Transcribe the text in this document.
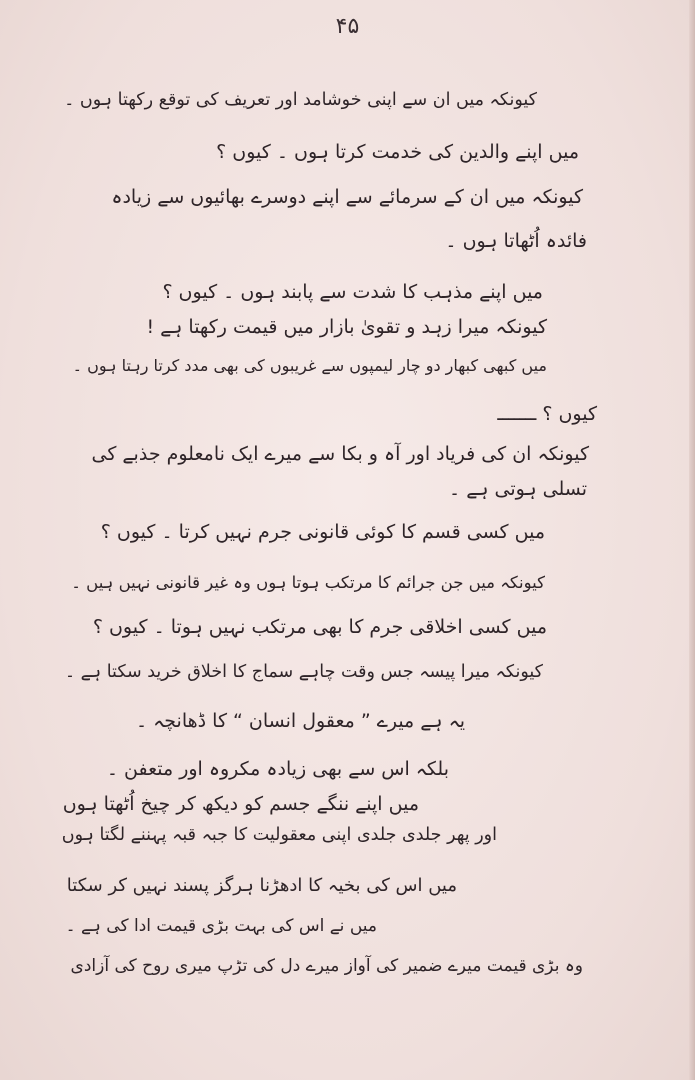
۴۵
کیونکہ میں ان سے اپنی خوشامد اور تعریف کی توقع رکھتا ہوں ۔
میں اپنے والدین کی خدمت کرتا ہوں ۔ کیوں ؟
کیونکہ میں ان کے سرمائے سے اپنے دوسرے بھائیوں سے زیادہ
فائدہ اُٹھاتا ہوں ۔
میں اپنے مذہب کا شدت سے پابند ہوں ۔ کیوں ؟
کیونکہ میرا زہد و تقویٰ بازار میں قیمت رکھتا ہے !
میں کبھی کبھار دو چار لیمپوں سے غریبوں کی بھی مدد کرتا رہتا ہوں ۔
کیوں ؟ ـــــــ
کیونکہ ان کی فریاد اور آہ و بکا سے میرے ایک نامعلوم جذبے کی
تسلی ہوتی ہے ۔
میں کسی قسم کا کوئی قانونی جرم نہیں کرتا ۔ کیوں ؟
کیونکہ میں جن جرائم کا مرتکب ہوتا ہوں وہ غیر قانونی نہیں ہیں ۔
میں کسی اخلاقی جرم کا بھی مرتکب نہیں ہوتا ۔ کیوں ؟
کیونکہ میرا پیسہ جس وقت چاہے سماج کا اخلاق خرید سکتا ہے ۔
یہ ہے میرے ” معقول انسان “ کا ڈھانچہ ۔
بلکہ اس سے بھی زیادہ مکروہ اور متعفن ۔
میں اپنے ننگے جسم کو دیکھ کر چیخ اُٹھتا ہوں
اور پھر جلدی جلدی اپنی معقولیت کا جبہ قبہ پہننے لگتا ہوں
میں اس کی بخیہ کا ادھڑنا ہرگز پسند نہیں کر سکتا
میں نے اس کی بہت بڑی قیمت ادا کی ہے ۔
وہ بڑی قیمت میرے ضمیر کی آواز میرے دل کی تڑپ میری روح کی آزادی
